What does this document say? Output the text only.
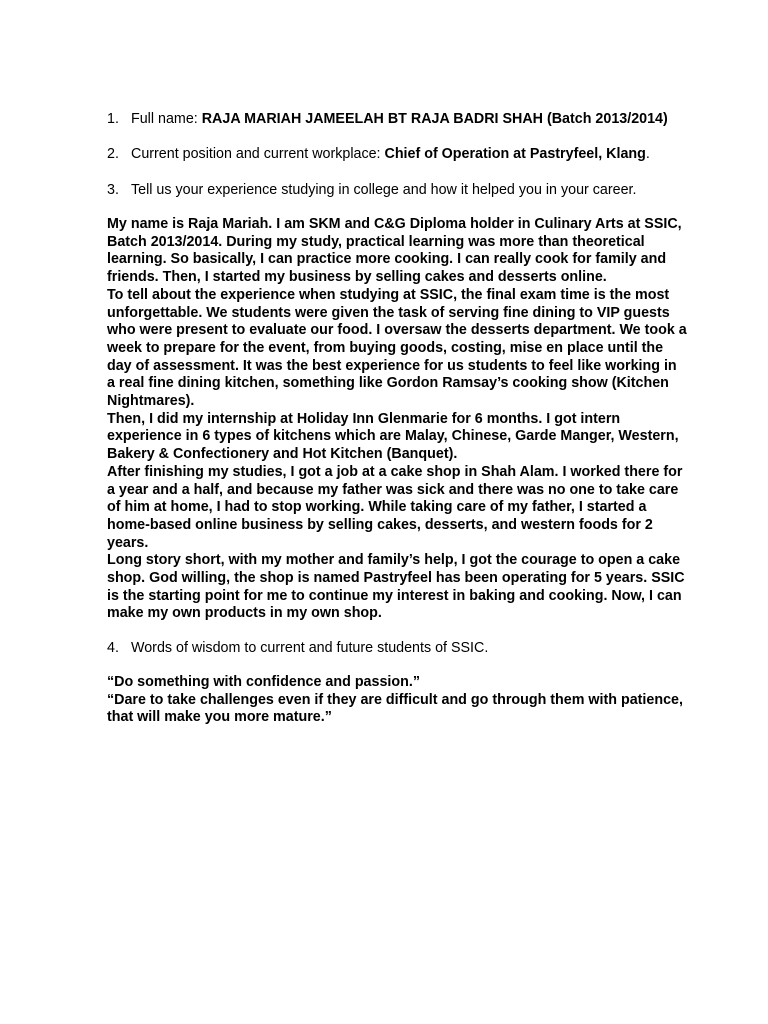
1. Full name: RAJA MARIAH JAMEELAH BT RAJA BADRI SHAH (Batch 2013/2014)
2. Current position and current workplace: Chief of Operation at Pastryfeel, Klang.
3. Tell us your experience studying in college and how it helped you in your career.

My name is Raja Mariah. I am SKM and C&G Diploma holder in Culinary Arts at SSIC, Batch 2013/2014. During my study, practical learning was more than theoretical learning. So basically, I can practice more cooking. I can really cook for family and friends. Then, I started my business by selling cakes and desserts online.

To tell about the experience when studying at SSIC, the final exam time is the most unforgettable. We students were given the task of serving fine dining to VIP guests who were present to evaluate our food. I oversaw the desserts department. We took a week to prepare for the event, from buying goods, costing, mise en place until the day of assessment. It was the best experience for us students to feel like working in a real fine dining kitchen, something like Gordon Ramsay’s cooking show (Kitchen Nightmares).

Then, I did my internship at Holiday Inn Glenmarie for 6 months. I got intern experience in 6 types of kitchens which are Malay, Chinese, Garde Manger, Western, Bakery & Confectionery and Hot Kitchen (Banquet).

After finishing my studies, I got a job at a cake shop in Shah Alam. I worked there for a year and a half, and because my father was sick and there was no one to take care of him at home, I had to stop working. While taking care of my father, I started a home-based online business by selling cakes, desserts, and western foods for 2 years.

Long story short, with my mother and family’s help, I got the courage to open a cake shop. God willing, the shop is named Pastryfeel has been operating for 5 years. SSIC is the starting point for me to continue my interest in baking and cooking. Now, I can make my own products in my own shop.

4. Words of wisdom to current and future students of SSIC.

“Do something with confidence and passion.”

“Dare to take challenges even if they are difficult and go through them with patience, that will make you more mature.”
